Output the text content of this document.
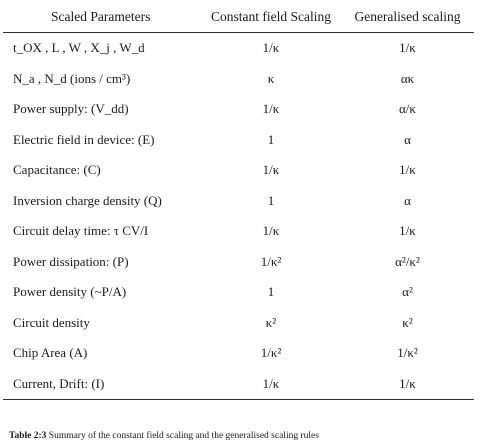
Scaled Parameters	Constant field Scaling	Generalised scaling
t_OX , L , W , X_j , W_d	1/κ	1/κ
N_a , N_d (ions / cm³)	κ	ακ
Power supply: (V_dd)	1/κ	α/κ
Electric field in device: (E)	1	α
Capacitance: (C)	1/κ	1/κ
Inversion charge density (Q)	1	α
Circuit delay time: τ CV/I	1/κ	1/κ
Power dissipation: (P)	1/κ²	α²/κ²
Power density (~P/A)	1	α²
Circuit density	κ²	κ²
Chip Area (A)	1/κ²	1/κ²
Current, Drift: (I)	1/κ	1/κ
Table 2:3 Summary of the constant field scaling and the generalised scaling rules
